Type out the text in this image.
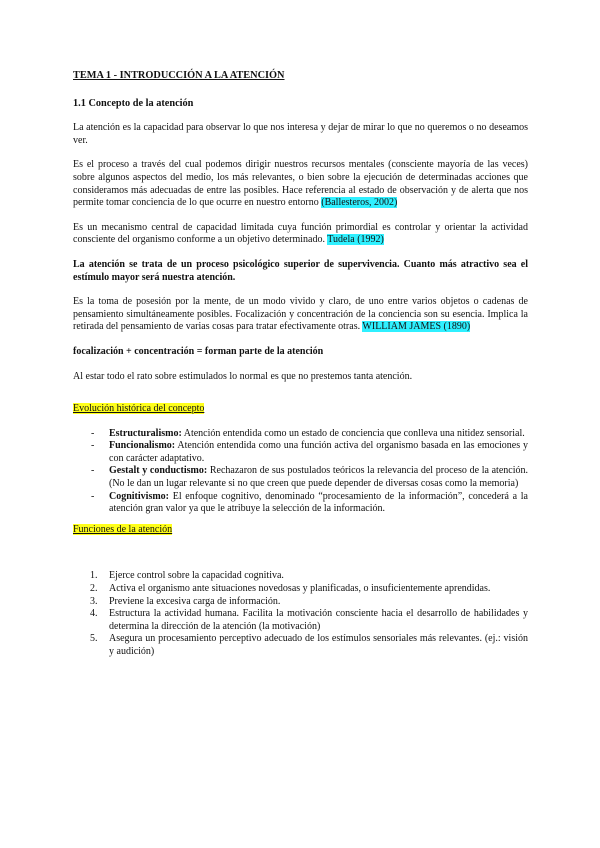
TEMA 1 - INTRODUCCIÓN A LA ATENCIÓN
1.1 Concepto de la atención

La atención es la capacidad para observar lo que nos interesa y dejar de mirar lo que no queremos o no deseamos ver.

Es el proceso a través del cual podemos dirigir nuestros recursos mentales (consciente mayoría de las veces) sobre algunos aspectos del medio, los más relevantes, o bien sobre la ejecución de determinadas acciones que consideramos más adecuadas de entre las posibles. Hace referencia al estado de observación y de alerta que nos permite tomar conciencia de lo que ocurre en nuestro entorno (Ballesteros, 2002)

Es un mecanismo central de capacidad limitada cuya función primordial es controlar y orientar la actividad consciente del organismo conforme a un objetivo determinado. Tudela (1992)

La atención se trata de un proceso psicológico superior de supervivencia. Cuanto más atractivo sea el estímulo mayor será nuestra atención.

Es la toma de posesión por la mente, de un modo vivido y claro, de uno entre varios objetos o cadenas de pensamiento simultáneamente posibles. Focalización y concentración de la conciencia son su esencia. Implica la retirada del pensamiento de varias cosas para tratar efectivamente otras. WILLIAM JAMES (1890)

focalización + concentración = forman parte de la atención

Al estar todo el rato sobre estimulados lo normal es que no prestemos tanta atención.

Evolución histórica del concepto

- Estructuralismo: Atención entendida como un estado de conciencia que conlleva una nitidez sensorial.
- Funcionalismo: Atención entendida como una función activa del organismo basada en las emociones y con carácter adaptativo.
- Gestalt y conductismo: Rechazaron de sus postulados teóricos la relevancia del proceso de la atención. (No le dan un lugar relevante si no que creen que puede depender de diversas cosas como la memoria)
- Cognitivismo: El enfoque cognitivo, denominado “procesamiento de la información”, concederá a la atención gran valor ya que le atribuye la selección de la información.

Funciones de la atención

1. Ejerce control sobre la capacidad cognitiva.
2. Activa el organismo ante situaciones novedosas y planificadas, o insuficientemente aprendidas.
3. Previene la excesiva carga de información.
4. Estructura la actividad humana. Facilita la motivación consciente hacia el desarrollo de habilidades y determina la dirección de la atención (la motivación)
5. Asegura un procesamiento perceptivo adecuado de los estímulos sensoriales más relevantes. (ej.: visión y audición)
